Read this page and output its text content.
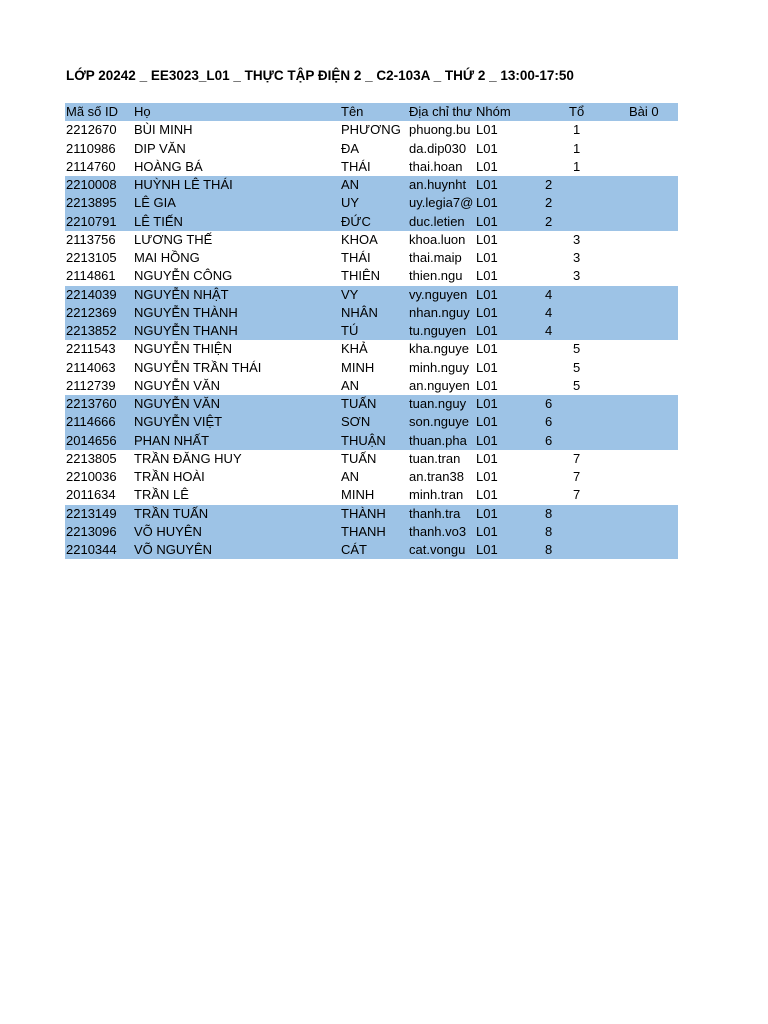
LỚP 20242 _ EE3023_L01 _ THỰC TẬP ĐIỆN 2 _ C2-103A _ THỨ 2 _ 13:00-17:50
Mã số ID	Họ	Tên	Địa chỉ thư Nhóm	Tổ	Bài 0
2212670	BÙI MINH	PHƯƠNG phuong.bu L01	1
2110986	DIP VĂN	ĐA	da.dip030 L01	1
2114760	HOÀNG BÁ	THÁI	thai.hoan	L01	1
2210008	HUỲNH LÊ THÁI	AN	an.huynht L01	2
2213895	LÊ GIA	UY	uy.legia7@ L01	2
2210791	LÊ TIẾN	ĐỨC	duc.letien L01	2
2113756	LƯƠNG THẾ	KHOA	khoa.luon L01	3
2213105	MAI HỒNG	THÁI	thai.maip	L01	3
2114861	NGUYỄN CÔNG	THIÊN	thien.ngu	L01	3
2214039	NGUYỄN NHẬT	VY	vy.nguyen L01	4
2212369	NGUYỄN THÀNH	NHÂN	nhan.nguy L01	4
2213852	NGUYỄN THANH	TÚ	tu.nguyen L01	4
2211543	NGUYỄN THIỆN	KHẢ	kha.nguye L01	5
2114063	NGUYỄN TRẦN THÁI	MINH	minh.nguy L01	5
2112739	NGUYỄN VĂN	AN	an.nguyen L01	5
2213760	NGUYỄN VĂN	TUẤN	tuan.nguy L01	6
2114666	NGUYỄN VIỆT	SƠN	son.nguye L01	6
2014656	PHAN NHẤT	THUẬN	thuan.pha L01	6
2213805	TRẦN ĐĂNG HUY	TUẤN	tuan.tran	L01	7
2210036	TRẦN HOÀI	AN	an.tran38 L01	7
2011634	TRẦN LÊ	MINH	minh.tran L01	7
2213149	TRẦN TUẤN	THÀNH	thanh.tra	L01	8
2213096	VÕ HUYÊN	THANH	thanh.vo3 L01	8
2210344	VÕ NGUYÊN	CÁT	cat.vongu L01	8
